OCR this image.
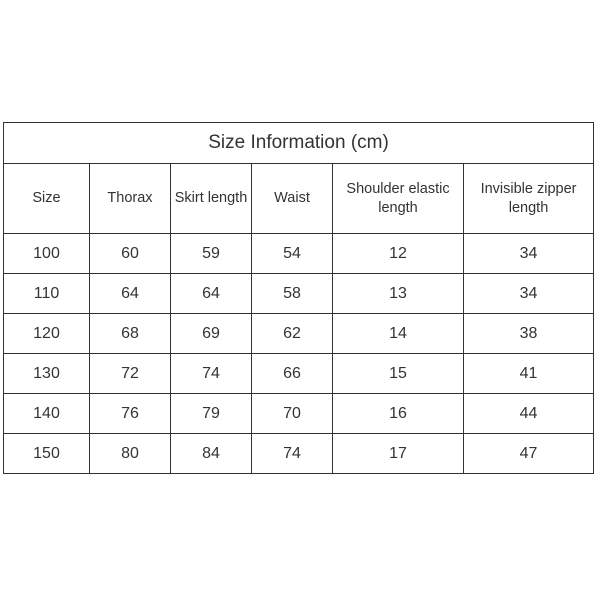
Size Information (cm)					
Size	Thorax	Skirt length	Waist	Shoulder elastic length	Invisible zipper length
100	60	59	54	12	34
110	64	64	58	13	34
120	68	69	62	14	38
130	72	74	66	15	41
140	76	79	70	16	44
150	80	84	74	17	47
